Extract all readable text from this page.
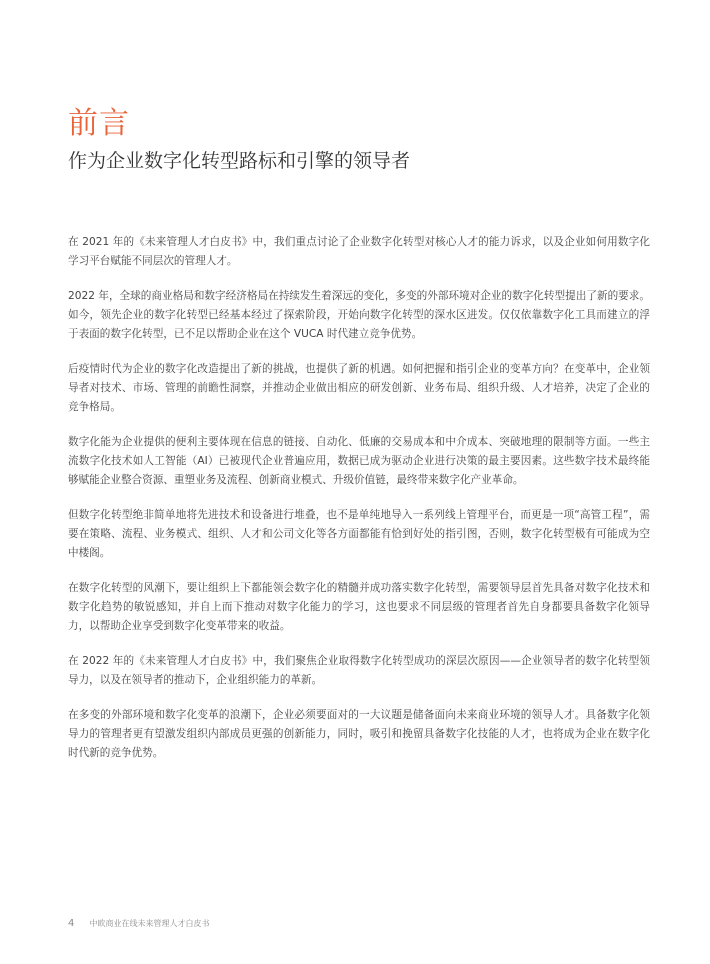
前言
作为企业数字化转型路标和引擎的领导者

在 2021 年的《未来管理人才白皮书》中，我们重点讨论了企业数字化转型对核心人才的能力诉求，以及企业如何用数字化学习平台赋能不同层次的管理人才。

2022 年，全球的商业格局和数字经济格局在持续发生着深远的变化，多变的外部环境对企业的数字化转型提出了新的要求。如今，领先企业的数字化转型已经基本经过了探索阶段，开始向数字化转型的深水区进发。仅仅依靠数字化工具而建立的浮于表面的数字化转型，已不足以帮助企业在这个 VUCA 时代建立竞争优势。

后疫情时代为企业的数字化改造提出了新的挑战，也提供了新的机遇。如何把握和指引企业的变革方向？在变革中，企业领导者对技术、市场、管理的前瞻性洞察，并推动企业做出相应的研发创新、业务布局、组织升级、人才培养，决定了企业的竞争格局。

数字化能为企业提供的便利主要体现在信息的链接、自动化、低廉的交易成本和中介成本、突破地理的限制等方面。一些主流数字化技术如人工智能（AI）已被现代企业普遍应用，数据已成为驱动企业进行决策的最主要因素。这些数字技术最终能够赋能企业整合资源、重塑业务及流程、创新商业模式、升级价值链，最终带来数字化产业革命。

但数字化转型绝非简单地将先进技术和设备进行堆叠，也不是单纯地导入一系列线上管理平台，而更是一项“高管工程”，需要在策略、流程、业务模式、组织、人才和公司文化等各方面都能有恰到好处的指引图，否则，数字化转型极有可能成为空中楼阁。

在数字化转型的风潮下，要让组织上下都能领会数字化的精髓并成功落实数字化转型，需要领导层首先具备对数字化技术和数字化趋势的敏锐感知，并自上而下推动对数字化能力的学习，这也要求不同层级的管理者首先自身都要具备数字化领导力，以帮助企业享受到数字化变革带来的收益。

在 2022 年的《未来管理人才白皮书》中，我们聚焦企业取得数字化转型成功的深层次原因——企业领导者的数字化转型领导力，以及在领导者的推动下，企业组织能力的革新。

在多变的外部环境和数字化变革的浪潮下，企业必须要面对的一大议题是储备面向未来商业环境的领导人才。具备数字化领导力的管理者更有望激发组织内部成员更强的创新能力，同时，吸引和挽留具备数字化技能的人才，也将成为企业在数字化时代新的竞争优势。

4 中欧商业在线未来管理人才白皮书
